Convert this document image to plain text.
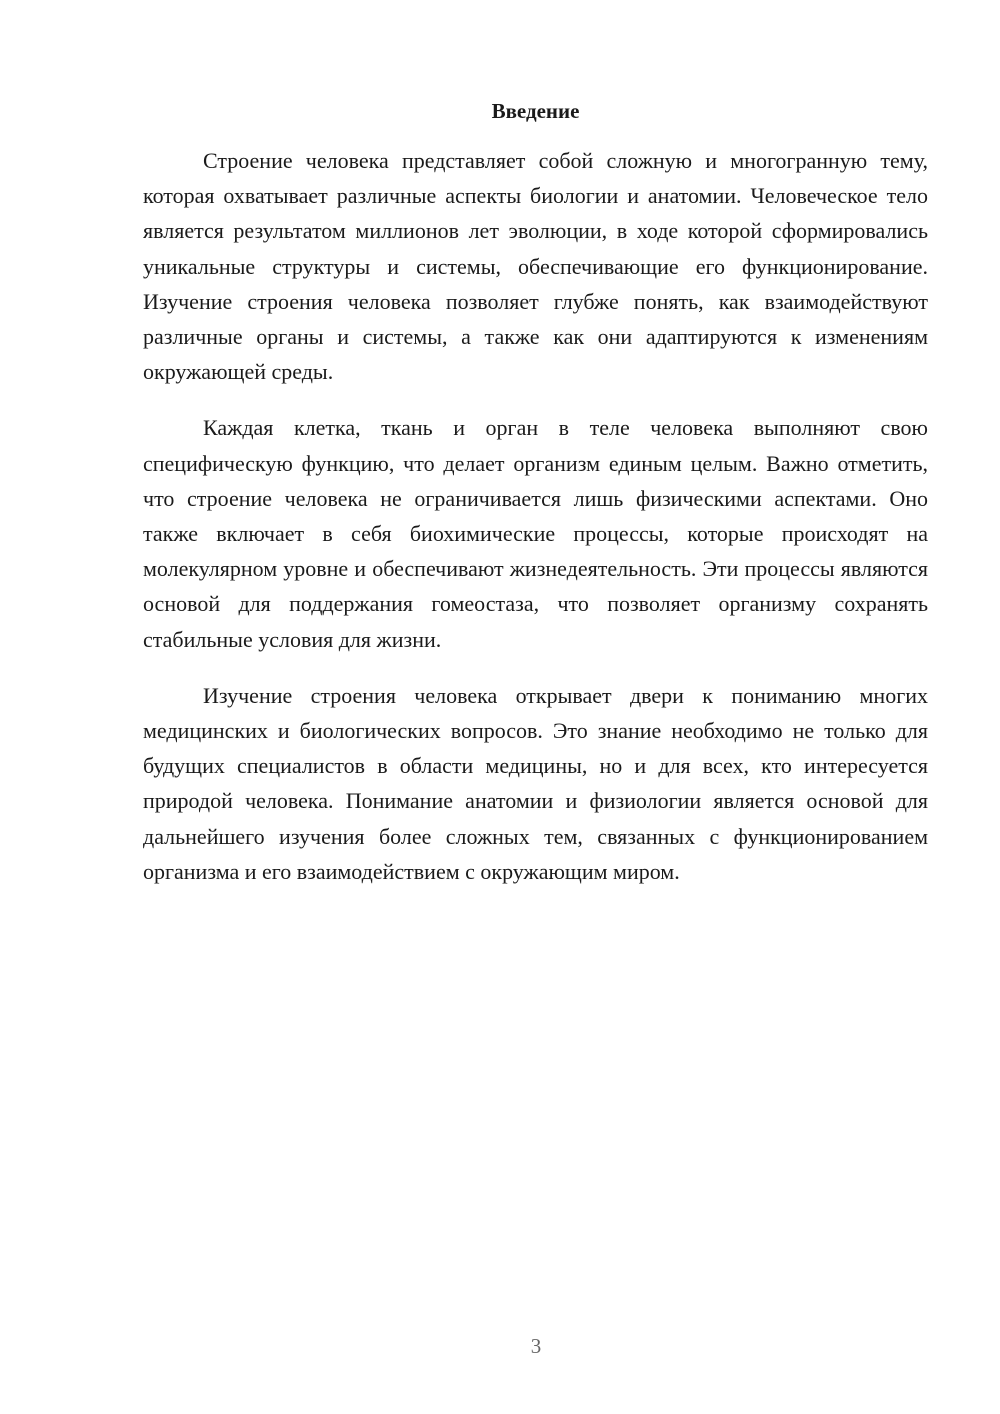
Введение

Строение человека представляет собой сложную и многогранную тему, которая охватывает различные аспекты биологии и анатомии. Человеческое тело является результатом миллионов лет эволюции, в ходе которой сформировались уникальные структуры и системы, обеспечивающие его функционирование. Изучение строения человека позволяет глубже понять, как взаимодействуют различные органы и системы, а также как они адаптируются к изменениям окружающей среды.

Каждая клетка, ткань и орган в теле человека выполняют свою специфическую функцию, что делает организм единым целым. Важно отметить, что строение человека не ограничивается лишь физическими аспектами. Оно также включает в себя биохимические процессы, которые происходят на молекулярном уровне и обеспечивают жизнедеятельность. Эти процессы являются основой для поддержания гомеостаза, что позволяет организму сохранять стабильные условия для жизни.

Изучение строения человека открывает двери к пониманию многих медицинских и биологических вопросов. Это знание необходимо не только для будущих специалистов в области медицины, но и для всех, кто интересуется природой человека. Понимание анатомии и физиологии является основой для дальнейшего изучения более сложных тем, связанных с функционированием организма и его взаимодействием с окружающим миром.

3
